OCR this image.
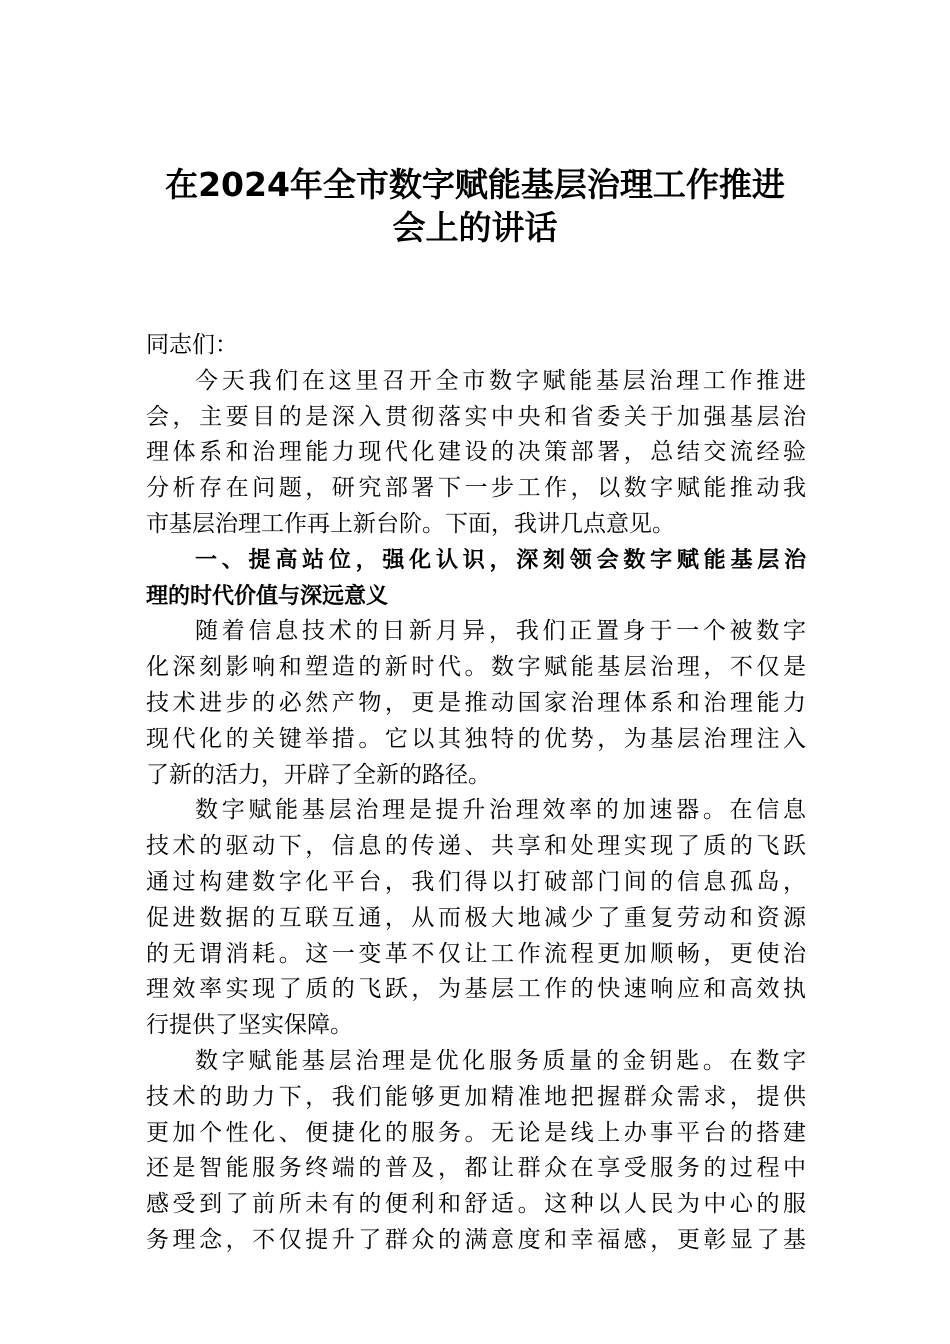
在2024年全市数字赋能基层治理工作推进
会上的讲话
同志们：
今天我们在这里召开全市数字赋能基层治理工作推进
会，主要目的是深入贯彻落实中央和省委关于加强基层治
理体系和治理能力现代化建设的决策部署，总结交流经验
分析存在问题，研究部署下一步工作，以数字赋能推动我
市基层治理工作再上新台阶。下面，我讲几点意见。
一、提高站位，强化认识，深刻领会数字赋能基层治
理的时代价值与深远意义
随着信息技术的日新月异，我们正置身于一个被数字
化深刻影响和塑造的新时代。数字赋能基层治理，不仅是
技术进步的必然产物，更是推动国家治理体系和治理能力
现代化的关键举措。它以其独特的优势，为基层治理注入
了新的活力，开辟了全新的路径。
数字赋能基层治理是提升治理效率的加速器。在信息
技术的驱动下，信息的传递、共享和处理实现了质的飞跃
通过构建数字化平台，我们得以打破部门间的信息孤岛，
促进数据的互联互通，从而极大地减少了重复劳动和资源
的无谓消耗。这一变革不仅让工作流程更加顺畅，更使治
理效率实现了质的飞跃，为基层工作的快速响应和高效执
行提供了坚实保障。
数字赋能基层治理是优化服务质量的金钥匙。在数字
技术的助力下，我们能够更加精准地把握群众需求，提供
更加个性化、便捷化的服务。无论是线上办事平台的搭建
还是智能服务终端的普及，都让群众在享受服务的过程中
感受到了前所未有的便利和舒适。这种以人民为中心的服
务理念，不仅提升了群众的满意度和幸福感，更彰显了基
